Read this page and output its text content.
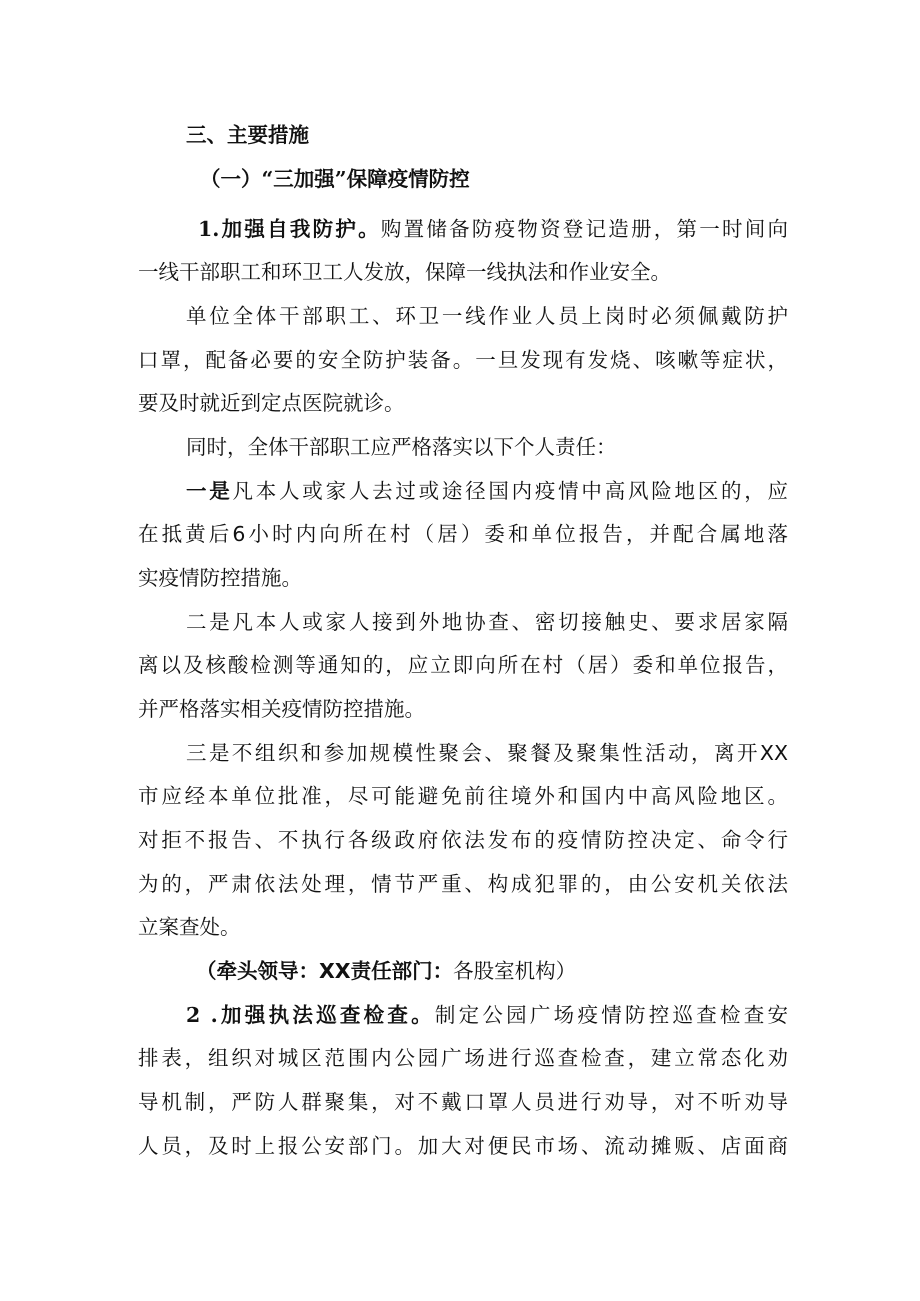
三、主要措施
（一）“三加强”保障疫情防控
1.加强自我防护。购置储备防疫物资登记造册，第一时间向
一线干部职工和环卫工人发放，保障一线执法和作业安全。
单位全体干部职工、环卫一线作业人员上岗时必须佩戴防护
口罩，配备必要的安全防护装备。一旦发现有发烧、咳嗽等症状，
要及时就近到定点医院就诊。
同时，全体干部职工应严格落实以下个人责任：
一是凡本人或家人去过或途径国内疫情中高风险地区的，应
在抵黄后6小时内向所在村（居）委和单位报告，并配合属地落
实疫情防控措施。
二是凡本人或家人接到外地协查、密切接触史、要求居家隔
离以及核酸检测等通知的，应立即向所在村（居）委和单位报告，
并严格落实相关疫情防控措施。
三是不组织和参加规模性聚会、聚餐及聚集性活动，离开XX
市应经本单位批准，尽可能避免前往境外和国内中高风险地区。
对拒不报告、不执行各级政府依法发布的疫情防控决定、命令行
为的，严肃依法处理，情节严重、构成犯罪的，由公安机关依法
立案查处。
（牵头领导：XX责任部门：各股室机构）
2 .加强执法巡查检查。制定公园广场疫情防控巡查检查安
排表，组织对城区范围内公园广场进行巡查检查，建立常态化劝
导机制，严防人群聚集，对不戴口罩人员进行劝导，对不听劝导
人员，及时上报公安部门。加大对便民市场、流动摊贩、店面商
